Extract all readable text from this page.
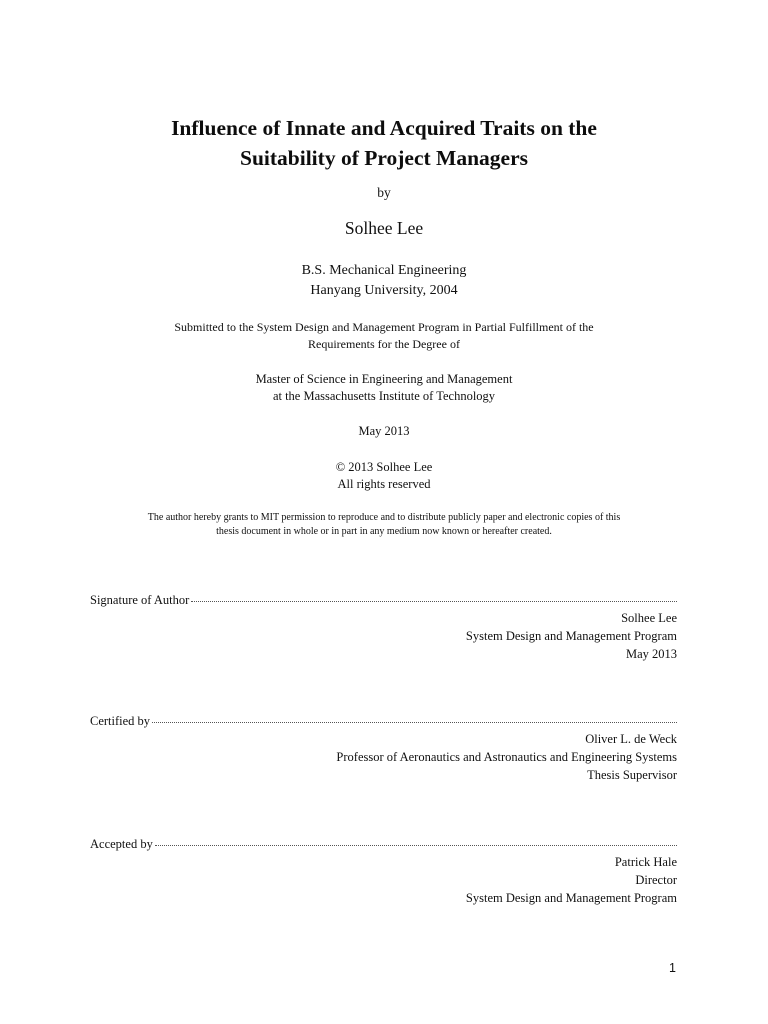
Influence of Innate and Acquired Traits on the
Suitability of Project Managers
by
Solhee Lee
B.S. Mechanical Engineering
Hanyang University, 2004
Submitted to the System Design and Management Program in Partial Fulfillment of the
Requirements for the Degree of
Master of Science in Engineering and Management
at the Massachusetts Institute of Technology
May 2013
© 2013 Solhee Lee
All rights reserved
The author hereby grants to MIT permission to reproduce and to distribute publicly paper and electronic copies of this
thesis document in whole or in part in any medium now known or hereafter created.
Signature of Author
Solhee Lee
System Design and Management Program
May 2013
Certified by
Oliver L. de Weck
Professor of Aeronautics and Astronautics and Engineering Systems
Thesis Supervisor
Accepted by
Patrick Hale
Director
System Design and Management Program
1
